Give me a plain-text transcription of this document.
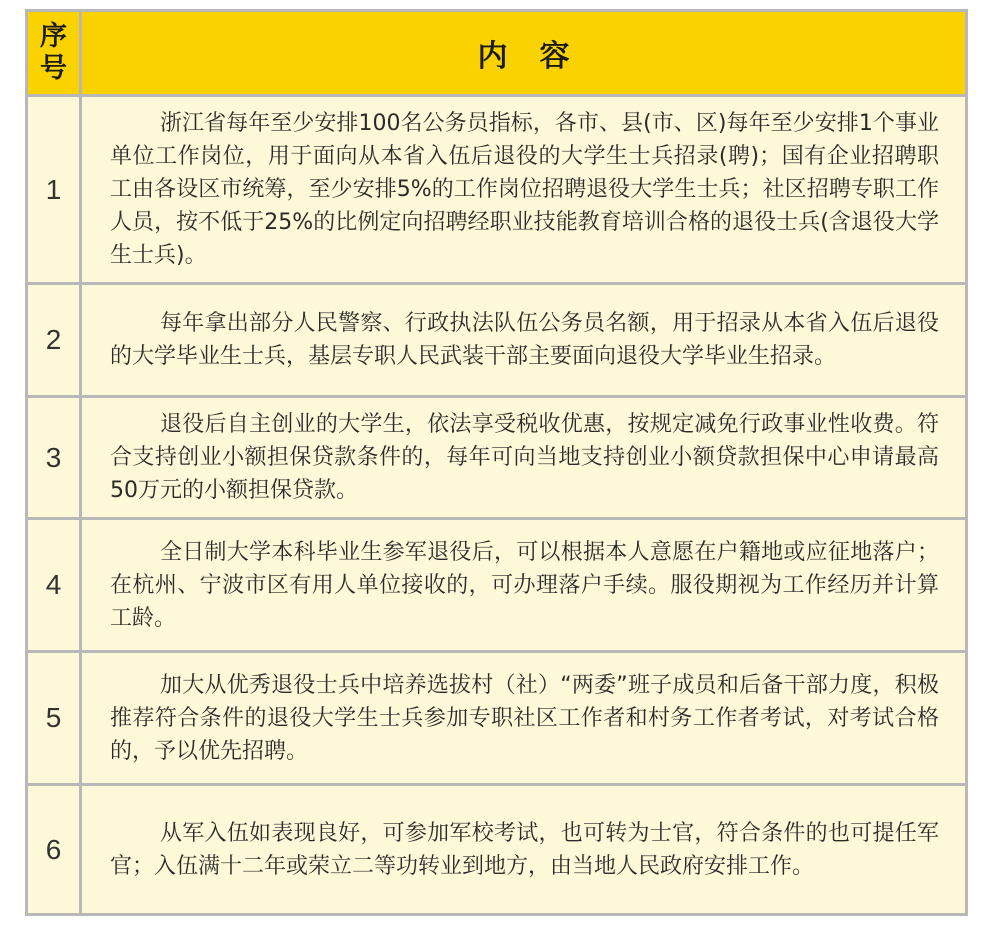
序
号	内容
1	浙江省每年至少安排100名公务员指标，各市、县(市、区)每年至少安排1个事业单位工作岗位，用于面向从本省入伍后退役的大学生士兵招录(聘)；国有企业招聘职工由各设区市统筹，至少安排5%的工作岗位招聘退役大学生士兵；社区招聘专职工作人员，按不低于25%的比例定向招聘经职业技能教育培训合格的退役士兵(含退役大学生士兵)。
2	每年拿出部分人民警察、行政执法队伍公务员名额，用于招录从本省入伍后退役的大学毕业生士兵，基层专职人民武装干部主要面向退役大学毕业生招录。
3	退役后自主创业的大学生，依法享受税收优惠，按规定减免行政事业性收费。符合支持创业小额担保贷款条件的，每年可向当地支持创业小额贷款担保中心申请最高50万元的小额担保贷款。
4	全日制大学本科毕业生参军退役后，可以根据本人意愿在户籍地或应征地落户；在杭州、宁波市区有用人单位接收的，可办理落户手续。服役期视为工作经历并计算工龄。
5	加大从优秀退役士兵中培养选拔村（社）“两委”班子成员和后备干部力度，积极推荐符合条件的退役大学生士兵参加专职社区工作者和村务工作者考试，对考试合格的，予以优先招聘。
6	从军入伍如表现良好，可参加军校考试，也可转为士官，符合条件的也可提任军官；入伍满十二年或荣立二等功转业到地方，由当地人民政府安排工作。
